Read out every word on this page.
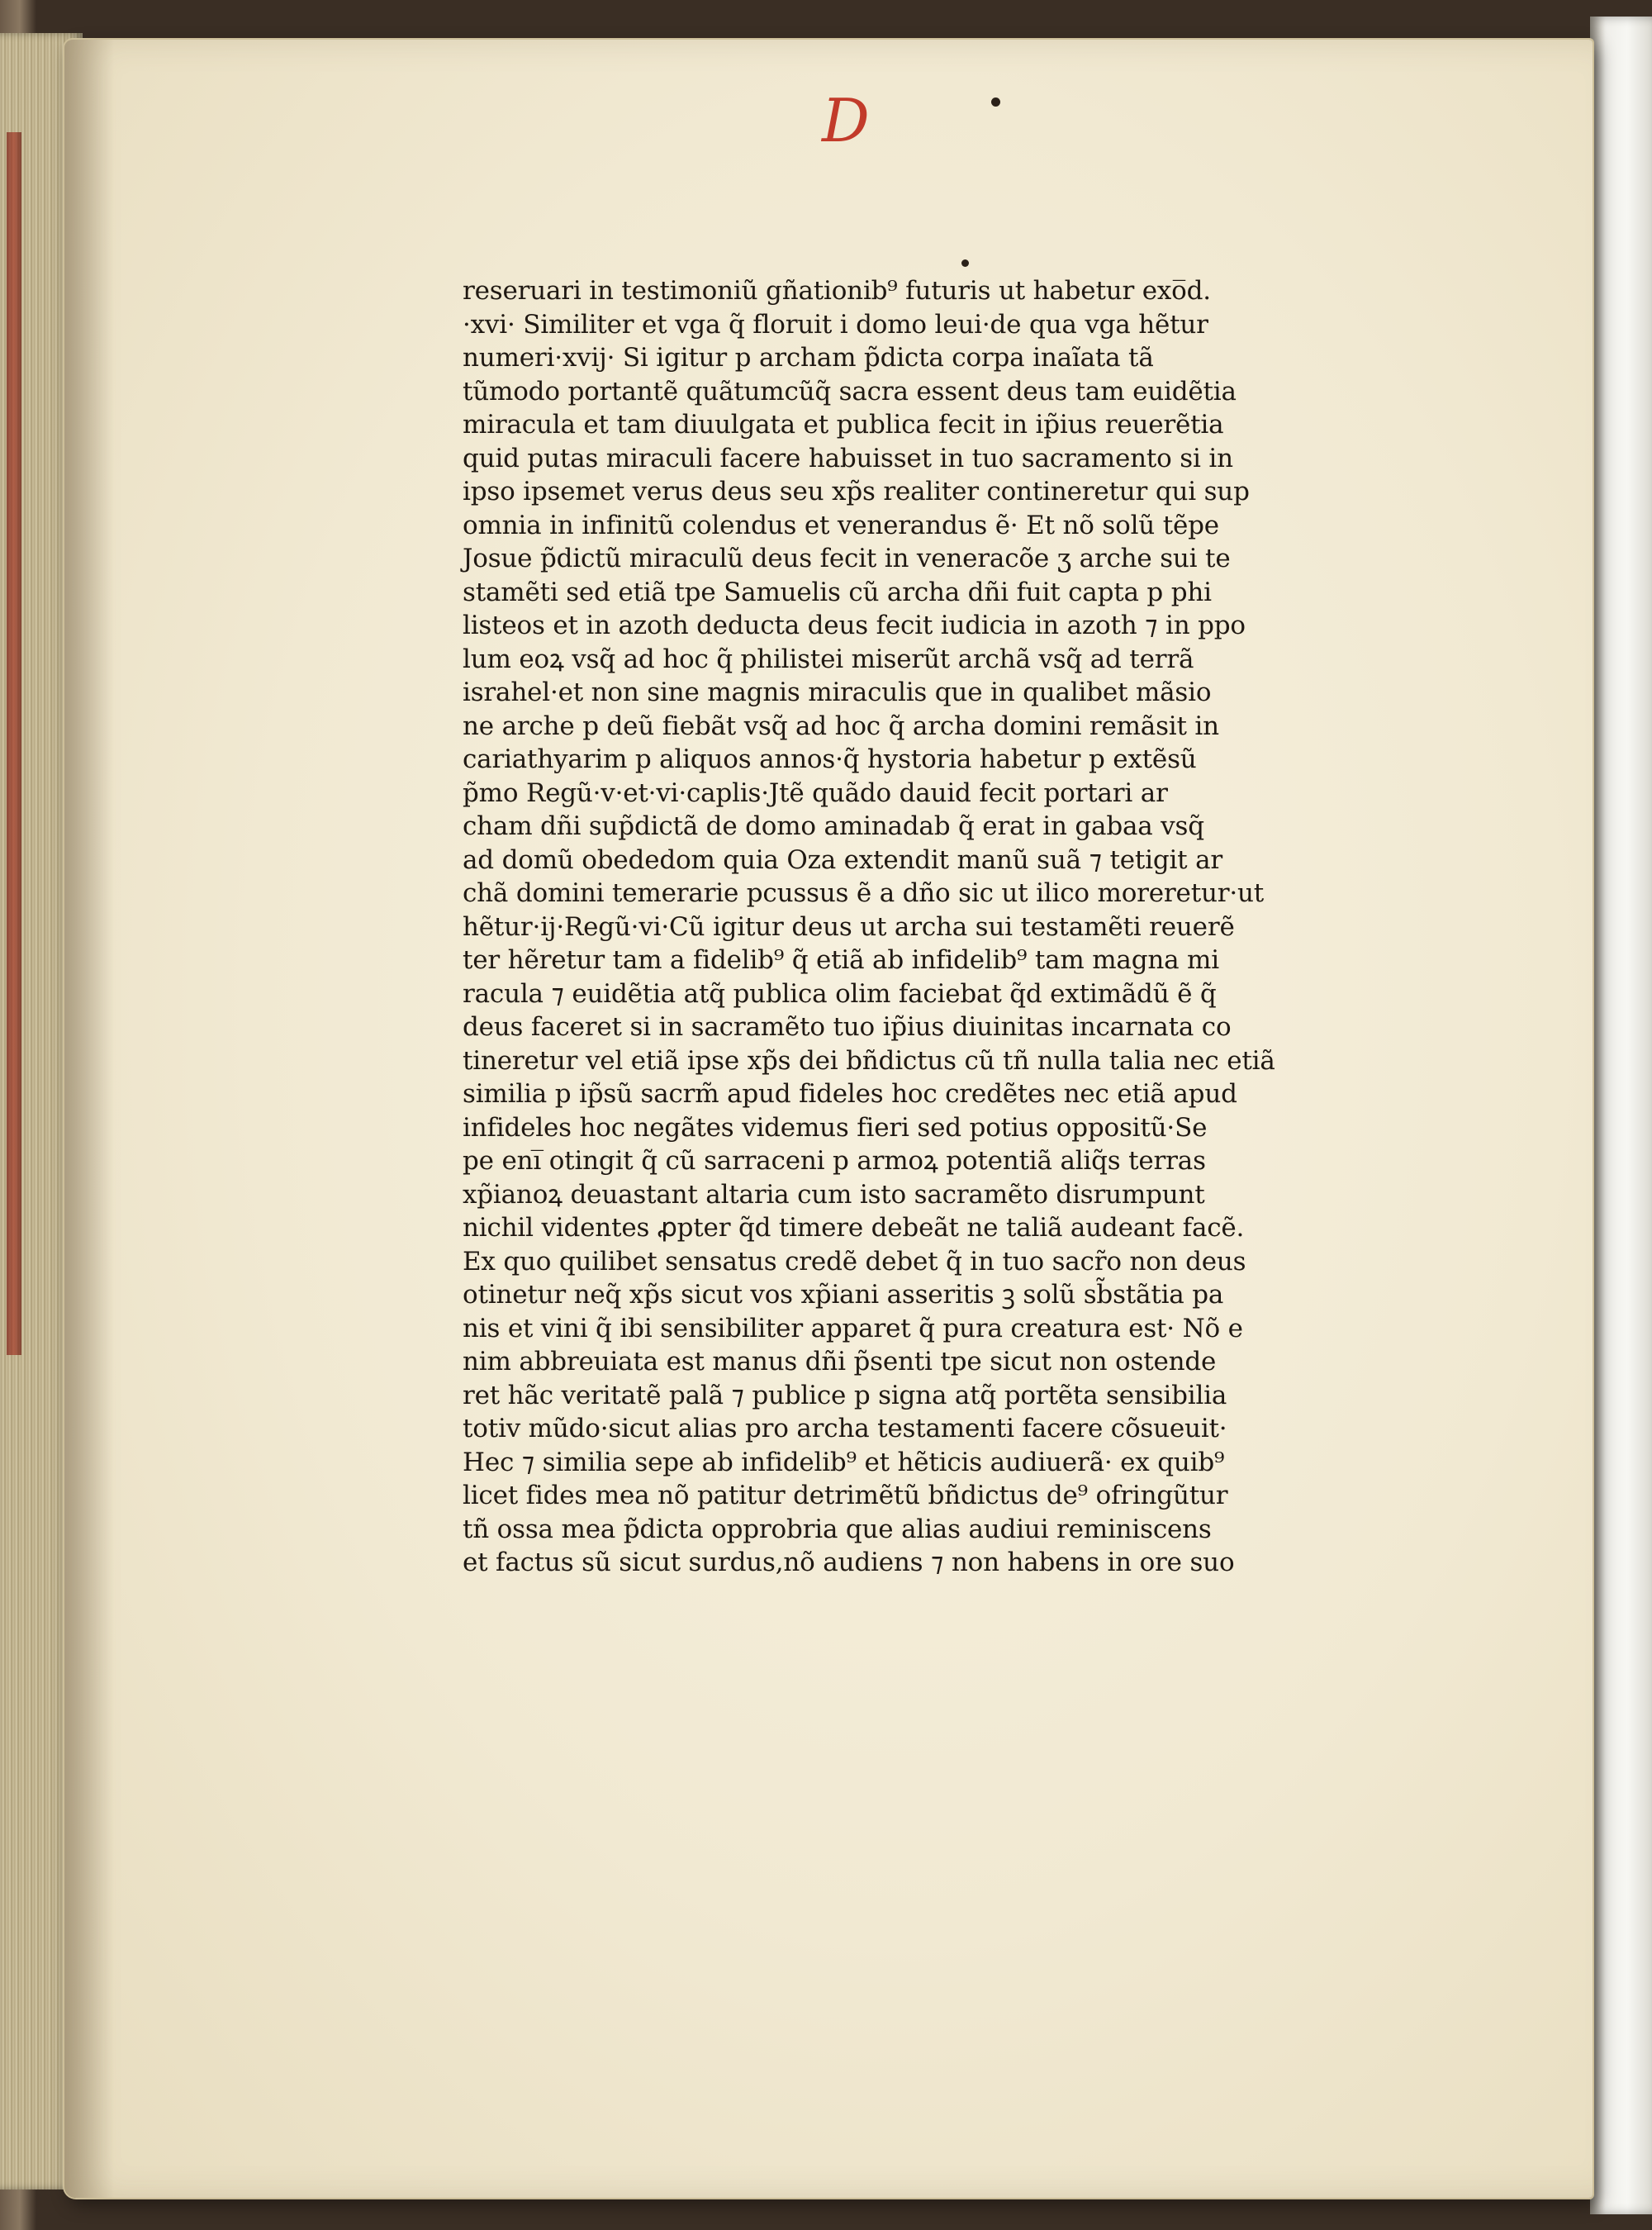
D
reseruari in testimoniũ gñationib⁹ futuris ut habetur exo̅d.
·xvi· Similiter et vga q̃ floruit i domo leui·de qua vga hẽtur
numeri·xvij· Si igitur p archam p̃dicta corpa inaĩata tã
tũmodo portantẽ quãtumcũq̃ sacra essent deus tam euidẽtia
miracula et tam diuulgata et publica fecit in ip̃ius reuerẽtia
quid putas miraculi facere habuisset in tuo sacramento si in
ipso ipsemet verus deus seu xp̃s realiter contineretur qui sup
omnia in infinitũ colendus et venerandus ẽ· Et nõ solũ tẽpe
Josue p̃dictũ miraculũ deus fecit in veneracõe ʒ arche sui te
stamẽti sed etiã tpe Samuelis cũ archa dñi fuit capta p phi
listeos et in azoth deducta deus fecit iudicia in azoth ⁊ in ppo
lum eoꝝ vsq̃ ad hoc q̃ philistei miserũt archã vsq̃ ad terrã
israhel·et non sine magnis miraculis que in qualibet mãsio
ne arche p deũ fiebãt vsq̃ ad hoc q̃ archa domini remãsit in
cariathyarim p aliquos annos·q̃ hystoria habetur p extẽsũ
p̃mo Regũ·v·et·vi·caplis·Jtẽ quãdo dauid fecit portari ar
cham dñi sup̃dictã de domo aminadab q̃ erat in gabaa vsq̃
ad domũ obededom quia Oza extendit manũ suã ⁊ tetigit ar
chã domini temerarie pcussus ẽ a dño sic ut ilico moreretur·ut
hẽtur·ij·Regũ·vi·Cũ igitur deus ut archa sui testamẽti reuerẽ
ter hẽretur tam a fidelib⁹ q̃ etiã ab infidelib⁹ tam magna mi
racula ⁊ euidẽtia atq̃ publica olim faciebat q̃d extimãdũ ẽ q̃
deus faceret si in sacramẽto tuo ip̃ius diuinitas incarnata co
tineretur vel etiã ipse xp̃s dei bñdictus cũ tñ nulla talia nec etiã
similia p ip̃sũ sacrm̃ apud fideles hoc credẽtes nec etiã apud
infideles hoc negãtes videmus fieri sed potius oppositũ·Se
pe eni̅ otingit q̃ cũ sarraceni p armoꝝ potentiã aliq̃s terras
xp̃ianoꝝ deuastant altaria cum isto sacramẽto disrumpunt
nichil videntes ꝓpter q̃d timere debeãt ne taliã audeant facẽ.
Ex quo quilibet sensatus credẽ debet q̃ in tuo sacr̃o non deus
otinetur neq̃ xp̃s sicut vos xp̃iani asseritis ꝫ solũ sb̃stãtia pa
nis et vini q̃ ibi sensibiliter apparet q̃ pura creatura est· Nõ e
nim abbreuiata est manus dñi p̃senti tpe sicut non ostende
ret hãc veritatẽ palã ⁊ publice p signa atq̃ portẽta sensibilia
totiv mũdo·sicut alias pro archa testamenti facere cõsueuit·
Hec ⁊ similia sepe ab infidelib⁹ et hẽticis audiuerã· ex quib⁹
licet fides mea nõ patitur detrimẽtũ bñdictus de⁹ ofringũtur
tñ ossa mea p̃dicta opprobria que alias audiui reminiscens
et factus sũ sicut surdus,nõ audiens ⁊ non habens in ore suo
